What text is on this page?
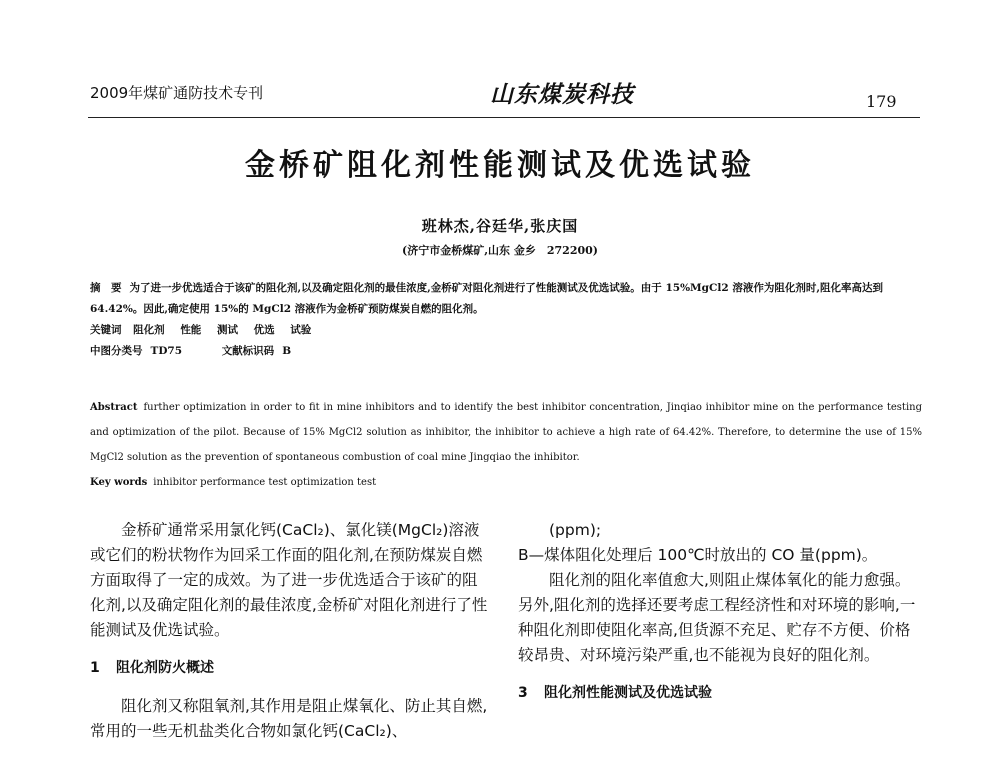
2009年煤矿通防技术专刊	山东煤炭科技	179
金桥矿阻化剂性能测试及优选试验
班林杰,谷廷华,张庆国
(济宁市金桥煤矿,山东 金乡　272200)
摘　要 为了进一步优选适合于该矿的阻化剂,以及确定阻化剂的最佳浓度,金桥矿对阻化剂进行了性能测试及优选试验。由于 15%MgCl2 溶液作为阻化剂时,阻化率高达到 64.42%。因此,确定使用 15%的 MgCl2 溶液作为金桥矿预防煤炭自燃的阻化剂。
关键词 阻化剂 性能 测试 优选 试验
中图分类号 TD75	文献标识码 B
Abstract further optimization in order to fit in mine inhibitors and to identify the best inhibitor concentration, Jinqiao inhibitor mine on the performance testing and optimization of the pilot. Because of 15% MgCl2 solution as inhibitor, the inhibitor to achieve a high rate of 64.42%. Therefore, to determine the use of 15% MgCl2 solution as the prevention of spontaneous combustion of coal mine Jingqiao the inhibitor.
Key words inhibitor performance test optimization test

金桥矿通常采用氯化钙(CaCl₂)、氯化镁(MgCl₂)溶液或它们的粉状物作为回采工作面的阻化剂,在预防煤炭自燃方面取得了一定的成效。为了进一步优选适合于该矿的阻化剂,以及确定阻化剂的最佳浓度,金桥矿对阻化剂进行了性能测试及优选试验。

1 阻化剂防火概述

阻化剂又称阻氧剂,其作用是阻止煤氧化、防止其自燃,常用的一些无机盐类化合物如氯化钙(CaCl₂)、

(ppm);

B—煤体阻化处理后 100℃时放出的 CO 量(ppm)。

阻化剂的阻化率值愈大,则阻止煤体氧化的能力愈强。另外,阻化剂的选择还要考虑工程经济性和对环境的影响,一种阻化剂即使阻化率高,但货源不充足、贮存不方便、价格较昂贵、对环境污染严重,也不能视为良好的阻化剂。

3 阻化剂性能测试及优选试验
